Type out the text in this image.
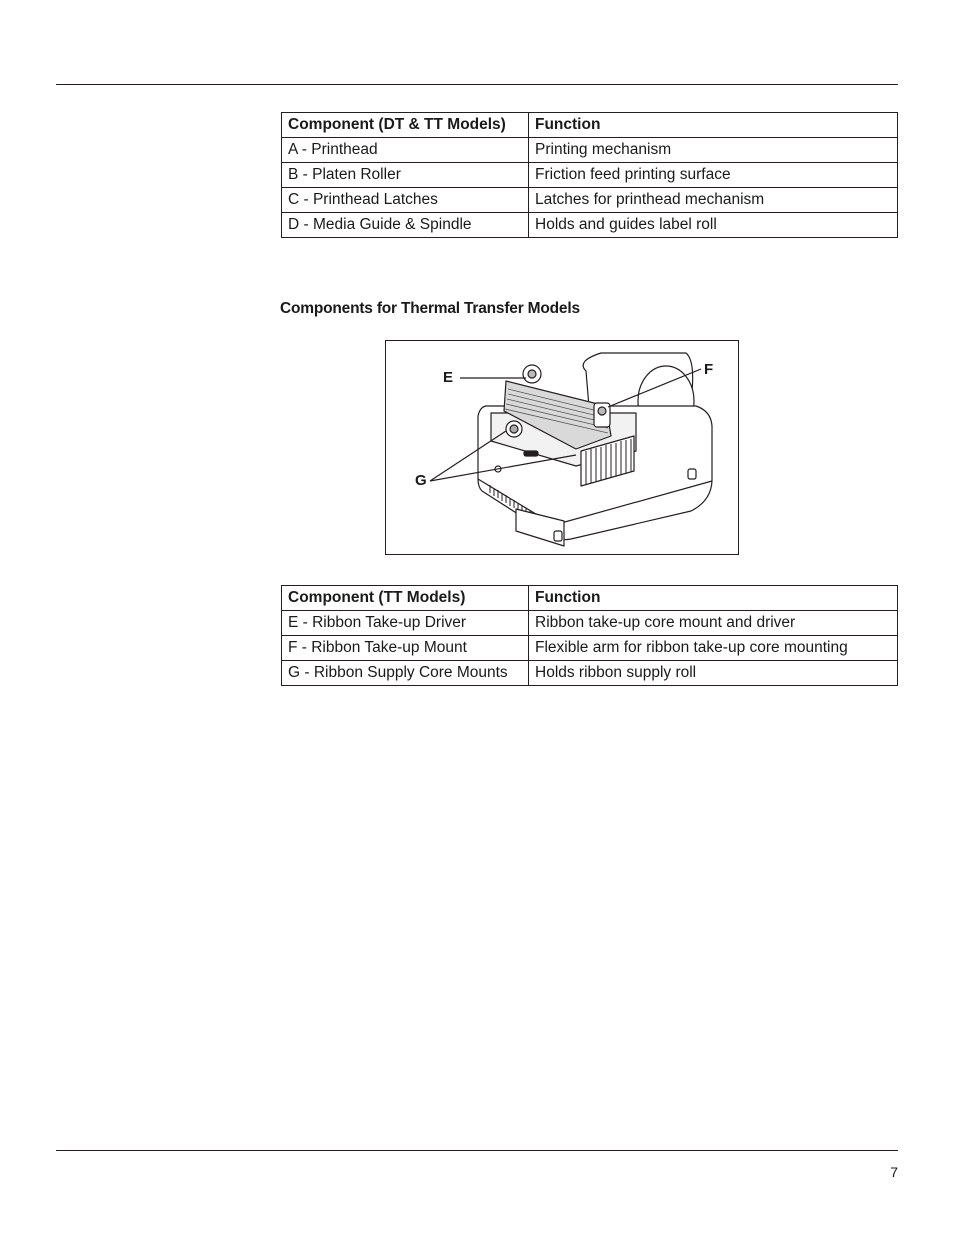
Component (DT & TT Models)	Function
A - Printhead	Printing mechanism
B - Platen Roller	Friction feed printing surface
C - Printhead Latches	Latches for printhead mechanism
D - Media Guide & Spindle	Holds and guides label roll
Components for Thermal Transfer Models
E	F
G
Component (TT Models)	Function
E - Ribbon Take-up Driver	Ribbon take-up core mount and driver
F - Ribbon Take-up Mount	Flexible arm for ribbon take-up core mounting
G - Ribbon Supply Core Mounts	Holds ribbon supply roll
7
